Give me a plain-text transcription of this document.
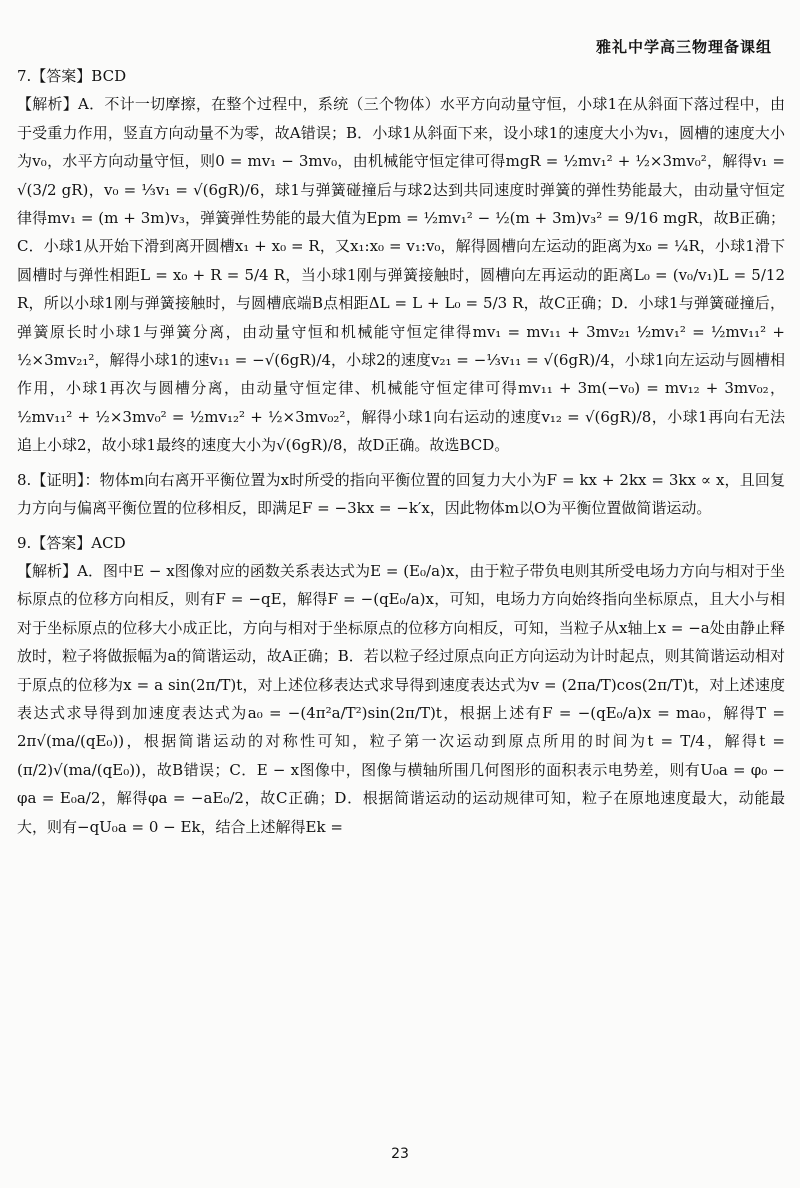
雅礼中学高三物理备课组

7.【答案】BCD

【解析】A．不计一切摩擦，在整个过程中，系统（三个物体）水平方向动量守恒，小球1在从斜面下落过程中，由于受重力作用，竖直方向动量不为零，故A错误；B．小球1从斜面下来，设小球1的速度大小为v₁，圆槽的速度大小为v₀，水平方向动量守恒，则0 = mv₁ − 3mv₀，由机械能守恒定律可得mgR = ½mv₁² + ½×3mv₀²，解得v₁ = √(3/2 gR)，v₀ = ⅓v₁ = √(6gR)/6，球1与弹簧碰撞后与球2达到共同速度时弹簧的弹性势能最大，由动量守恒定律得mv₁ = (m + 3m)v₃，弹簧弹性势能的最大值为Epm = ½mv₁² − ½(m + 3m)v₃² = 9/16 mgR，故B正确；C．小球1从开始下滑到离开圆槽x₁ + x₀ = R，又x₁:x₀ = v₁:v₀，解得圆槽向左运动的距离为x₀ = ¼R，小球1滑下圆槽时与弹性相距L = x₀ + R = 5/4 R，当小球1刚与弹簧接触时，圆槽向左再运动的距离L₀ = (v₀/v₁)L = 5/12 R，所以小球1刚与弹簧接触时，与圆槽底端B点相距ΔL = L + L₀ = 5/3 R，故C正确；D．小球1与弹簧碰撞后，弹簧原长时小球1与弹簧分离，由动量守恒和机械能守恒定律得mv₁ = mv₁₁ + 3mv₂₁ ½mv₁² = ½mv₁₁² + ½×3mv₂₁²，解得小球1的速v₁₁ = −√(6gR)/4，小球2的速度v₂₁ = −⅓v₁₁ = √(6gR)/4，小球1向左运动与圆槽相作用，小球1再次与圆槽分离，由动量守恒定律、机械能守恒定律可得mv₁₁ + 3m(−v₀) = mv₁₂ + 3mv₀₂，½mv₁₁² + ½×3mv₀² = ½mv₁₂² + ½×3mv₀₂²，解得小球1向右运动的速度v₁₂ = √(6gR)/8，小球1再向右无法追上小球2，故小球1最终的速度大小为√(6gR)/8，故D正确。故选BCD。

8.【证明】：物体m向右离开平衡位置为x时所受的指向平衡位置的回复力大小为F = kx + 2kx = 3kx ∝ x，且回复力方向与偏离平衡位置的位移相反，即满足F = −3kx = −k′x，因此物体m以O为平衡位置做简谐运动。

9.【答案】ACD

【解析】A．图中E − x图像对应的函数关系表达式为E = (E₀/a)x，由于粒子带负电则其所受电场力方向与相对于坐标原点的位移方向相反，则有F = −qE，解得F = −(qE₀/a)x，可知，电场力方向始终指向坐标原点，且大小与相对于坐标原点的位移大小成正比，方向与相对于坐标原点的位移方向相反，可知，当粒子从x轴上x = −a处由静止释放时，粒子将做振幅为a的简谐运动，故A正确；B．若以粒子经过原点向正方向运动为计时起点，则其简谐运动相对于原点的位移为x = a sin(2π/T)t，对上述位移表达式求导得到速度表达式为v = (2πa/T)cos(2π/T)t，对上述速度表达式求导得到加速度表达式为a₀ = −(4π²a/T²)sin(2π/T)t，根据上述有F = −(qE₀/a)x = ma₀，解得T = 2π√(ma/(qE₀))，根据简谐运动的对称性可知，粒子第一次运动到原点所用的时间为t = T/4，解得t = (π/2)√(ma/(qE₀))，故B错误；C．E − x图像中，图像与横轴所围几何图形的面积表示电势差，则有U₀a = φ₀ − φa = E₀a/2，解得φa = −aE₀/2，故C正确；D．根据简谐运动的运动规律可知，粒子在原地速度最大，动能最大，则有−qU₀a = 0 − Ek，结合上述解得Ek =

23
